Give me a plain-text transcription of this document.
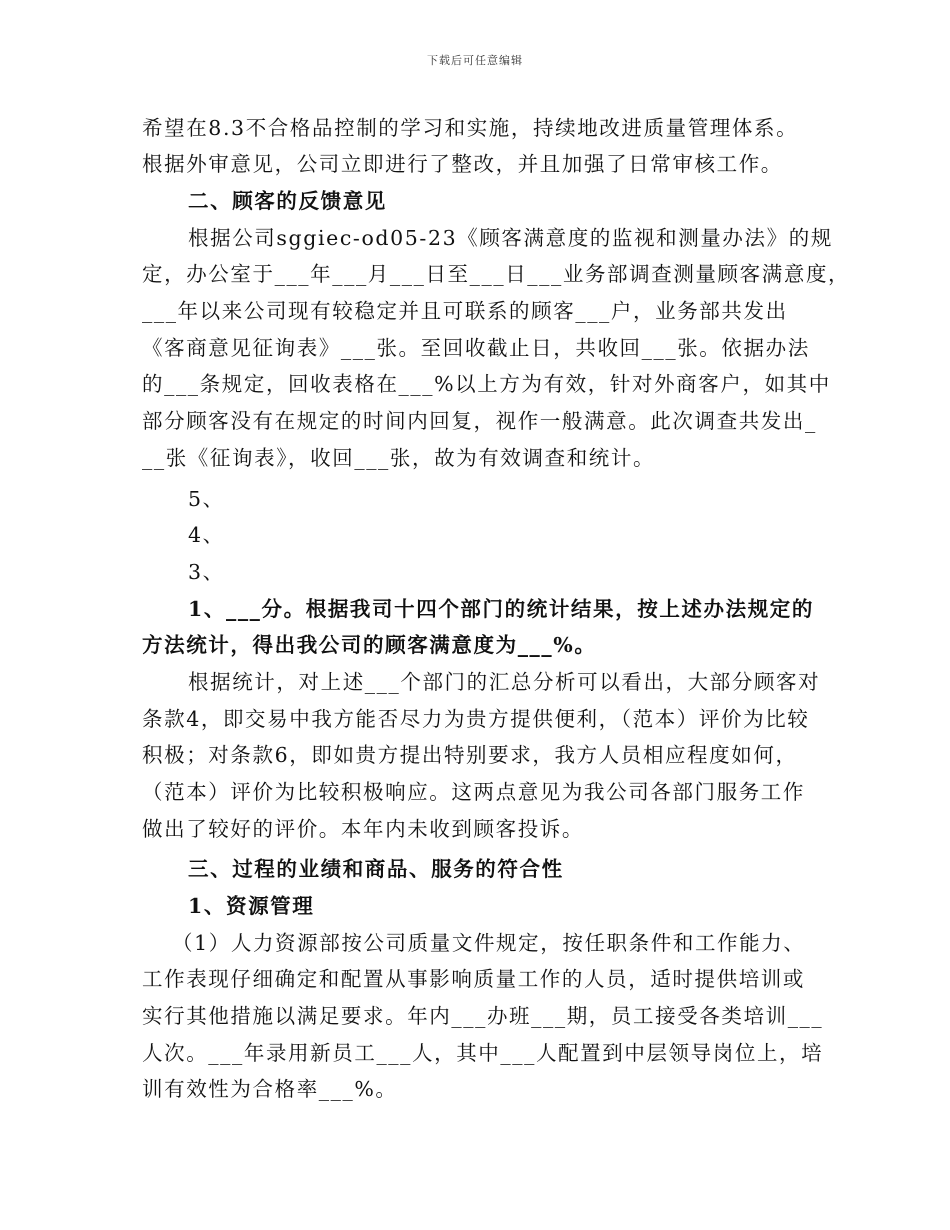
下载后可任意编辑
希望在8.3不合格品控制的学习和实施，持续地改进质量管理体系。
根据外审意见，公司立即进行了整改，并且加强了日常审核工作。
二、顾客的反馈意见
根据公司sggiec-od05-23《顾客满意度的监视和测量办法》的规
定，办公室于___年___月___日至___日___业务部调查测量顾客满意度，
___年以来公司现有较稳定并且可联系的顾客___户，业务部共发出
《客商意见征询表》___张。至回收截止日，共收回___张。依据办法
的___条规定，回收表格在___%以上方为有效，针对外商客户，如其中
部分顾客没有在规定的时间内回复，视作一般满意。此次调查共发出_
__张《征询表》，收回___张，故为有效调查和统计。
5、
4、
3、
1、___分。根据我司十四个部门的统计结果，按上述办法规定的
方法统计，得出我公司的顾客满意度为___%。
根据统计，对上述___个部门的汇总分析可以看出，大部分顾客对
条款4，即交易中我方能否尽力为贵方提供便利，（范本）评价为比较
积极；对条款6，即如贵方提出特别要求，我方人员相应程度如何，
（范本）评价为比较积极响应。这两点意见为我公司各部门服务工作
做出了较好的评价。本年内未收到顾客投诉。
三、过程的业绩和商品、服务的符合性
1、资源管理
（1）人力资源部按公司质量文件规定，按任职条件和工作能力、
工作表现仔细确定和配置从事影响质量工作的人员，适时提供培训或
实行其他措施以满足要求。年内___办班___期，员工接受各类培训___
人次。___年录用新员工___人，其中___人配置到中层领导岗位上，培
训有效性为合格率___%。
